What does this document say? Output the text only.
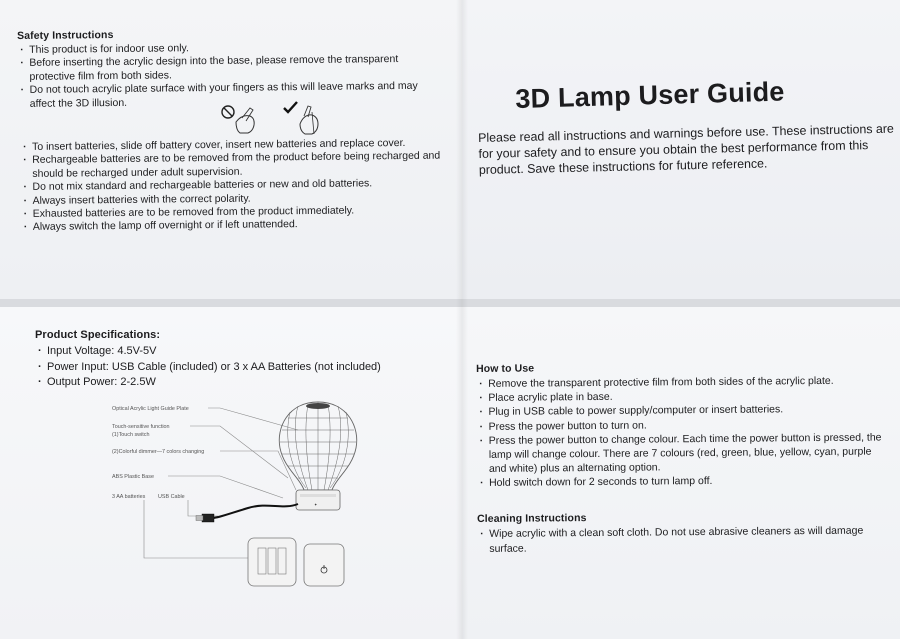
Safety Instructions
· This product is for indoor use only.
· Before inserting the acrylic design into the base, please remove the transparent protective film from both sides.
· Do not touch acrylic plate surface with your fingers as this will leave marks and may affect the 3D illusion.
· To insert batteries, slide off battery cover, insert new batteries and replace cover.
· Rechargeable batteries are to be removed from the product before being recharged and should be recharged under adult supervision.
· Do not mix standard and rechargeable batteries or new and old batteries.
· Always insert batteries with the correct polarity.
· Exhausted batteries are to be removed from the product immediately.
· Always switch the lamp off overnight or if left unattended.
3D Lamp User Guide
Please read all instructions and warnings before use. These instructions are for your safety and to ensure you obtain the best performance from this product. Save these instructions for future reference.
Product Specifications:
· Input Voltage: 4.5V-5V
· Power Input: USB Cable (included) or 3 x AA Batteries (not included)
· Output Power: 2-2.5W
Optical Acrylic Light Guide Plate
Touch-sensitive function
(1)Touch switch
(2)Colorful dimmer—7 colors changing
ABS Plastic Base
3 AA batteries USB Cable
✦
How to Use
· Remove the transparent protective film from both sides of the acrylic plate.
· Place acrylic plate in base.
· Plug in USB cable to power supply/computer or insert batteries.
· Press the power button to turn on.
· Press the power button to change colour. Each time the power button is pressed, the lamp will change colour. There are 7 colours (red, green, blue, yellow, cyan, purple and white) plus an alternating option.
· Hold switch down for 2 seconds to turn lamp off.
Cleaning Instructions
· Wipe acrylic with a clean soft cloth. Do not use abrasive cleaners as will damage surface.
